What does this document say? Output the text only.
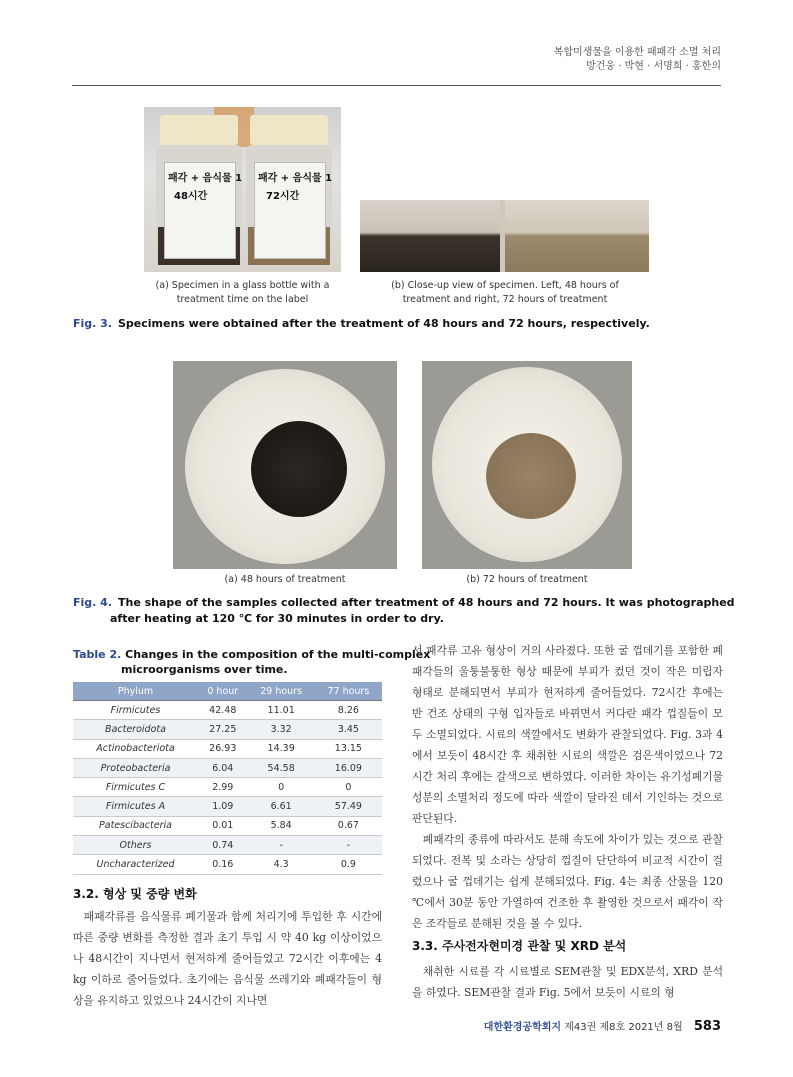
복합미생물을 이용한 패패각 소멸 처리
방건웅 · 박현 · 서명희 · 홍한의
패각 + 음식물 1
48시간
패각 + 음식물 1
72시간
(a) Specimen in a glass bottle with a treatment time on the label
(b) Close-up view of specimen. Left, 48 hours of treatment and right, 72 hours of treatment
Fig. 3. Specimens were obtained after the treatment of 48 hours and 72 hours, respectively.
(a) 48 hours of treatment	(b) 72 hours of treatment
Fig. 4. The shape of the samples collected after treatment of 48 hours and 72 hours. It was photographed after heating at 120 ℃ for 30 minutes in order to dry.
Table 2. Changes in the composition of the multi-complex microorganisms over time.
Phylum	0 hour	29 hours	77 hours
Firmicutes	42.48	11.01	8.26
Bacteroidota	27.25	3.32	3.45
Actinobacteriota	26.93	14.39	13.15
Proteobacteria	6.04	54.58	16.09
Firmicutes C	2.99	0	0
Firmicutes A	1.09	6.61	57.49
Patescibacteria	0.01	5.84	0.67
Others	0.74	-	-
Uncharacterized	0.16	4.3	0.9
3.2. 형상 및 중량 변화

패패각류를 음식물류 폐기물과 함께 처리기에 투입한 후 시간에 따른 중량 변화를 측정한 결과 초기 투입 시 약 40 kg 이상이었으나 48시간이 지나면서 현저하게 줄어들었고 72시간 이후에는 4 kg 이하로 줄어들었다. 초기에는 음식물 쓰레기와 폐패각들이 형상을 유지하고 있었으나 24시간이 지나면

서 패각류 고유 형상이 거의 사라졌다. 또한 굴 껍데기를 포함한 폐패각들의 울퉁불퉁한 형상 때문에 부피가 컸던 것이 작은 미립자 형태로 분해되면서 부피가 현저하게 줄어들었다. 72시간 후에는 반 건조 상태의 구형 입자들로 바뀌면서 커다란 패각 껍질들이 모두 소멸되었다. 시료의 색깔에서도 변화가 관찰되었다. Fig. 3과 4에서 보듯이 48시간 후 채취한 시료의 색깔은 검은색이었으나 72시간 처리 후에는 갈색으로 변하였다. 이러한 차이는 유기성폐기물 성분의 소멸처리 정도에 따라 색깔이 달라진 데서 기인하는 것으로 판단된다.

폐패각의 종류에 따라서도 분해 속도에 차이가 있는 것으로 관찰되었다. 전복 및 소라는 상당히 껍질이 단단하여 비교적 시간이 걸렸으나 굴 껍데기는 쉽게 분해되었다. Fig. 4는 최종 산물을 120 ℃에서 30분 동안 가열하여 건조한 후 촬영한 것으로서 패각이 작은 조각들로 분해된 것을 볼 수 있다.

3.3. 주사전자현미경 관찰 및 XRD 분석

채취한 시료를 각 시료별로 SEM관찰 및 EDX분석, XRD 분석을 하였다. SEM관찰 결과 Fig. 5에서 보듯이 시료의 형

대한환경공학회지 제43권 제8호 2021년 8월 583
